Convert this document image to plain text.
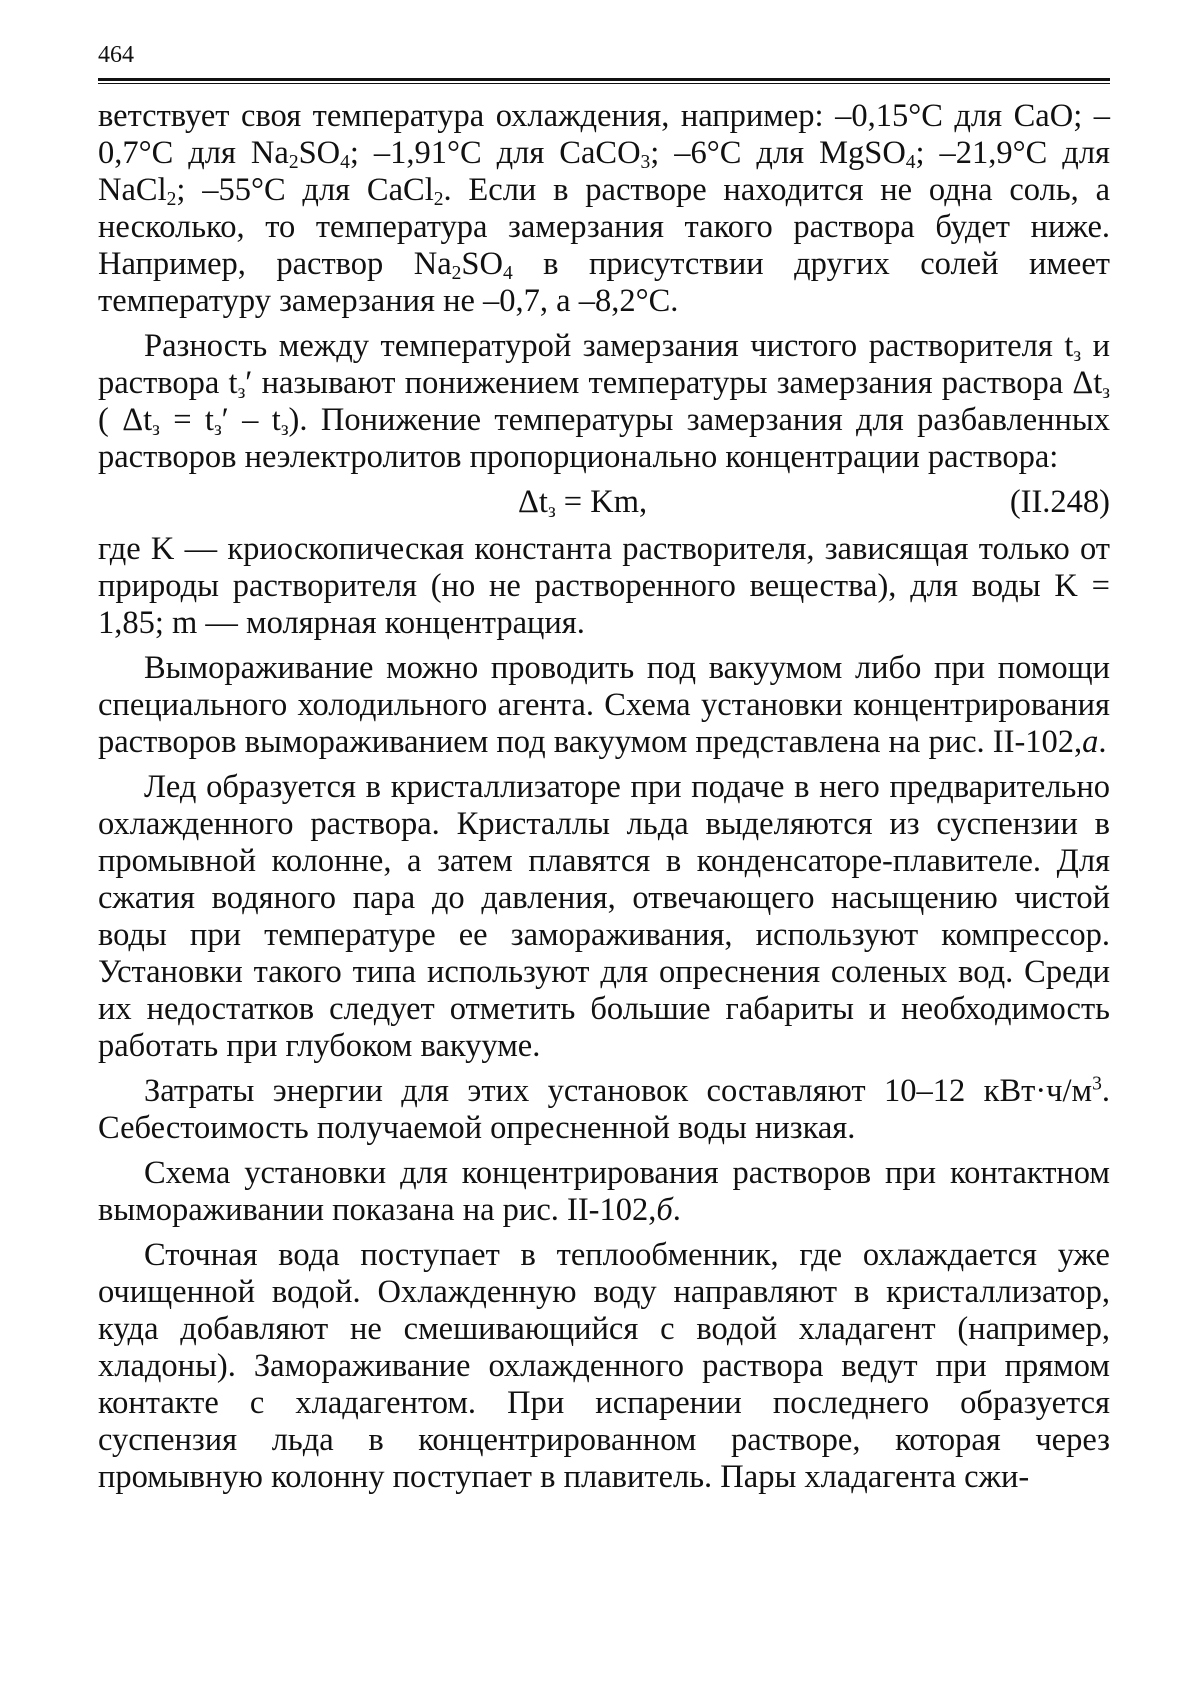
464

ветствует своя температура охлаждения, например: –0,15°С для CaO; –0,7°С для $Na_2SO_4$; –1,91°С для CaCO$_3$; –6°С для MgSO$_4$; –21,9°С для NaCl$_2$; –55°С для CaCl$_2$. Если в растворе находится не одна соль, а несколько, то температура замерзания такого раствора будет ниже. Например, раствор $Na_2SO_4$ в присутствии других солей имеет температуру замерзания не –0,7, а –8,2°С.

Разность между температурой замерзания чистого растворителя $t_з$ и раствора $t_з'$ называют понижением температуры замерзания раствора $\Delta t_з$ ( $\Delta t_з = t_з' - t_з$). Понижение температуры замерзания для разбавленных растворов неэлектролитов пропорционально концентрации раствора:

$\Delta t_з = Km$,	(II.248)

где K — криоскопическая константа растворителя, зависящая только от природы растворителя (но не растворенного вещества), для воды K = 1,85; m — молярная концентрация.

Вымораживание можно проводить под вакуумом либо при помощи специального холодильного агента. Схема установки концентрирования растворов вымораживанием под вакуумом представлена на рис. II-102,а.

Лед образуется в кристаллизаторе при подаче в него предварительно охлажденного раствора. Кристаллы льда выделяются из суспензии в промывной колонне, а затем плавятся в конденсаторе-плавителе. Для сжатия водяного пара до давления, отвечающего насыщению чистой воды при температуре ее замораживания, используют компрессор. Установки такого типа используют для опреснения соленых вод. Среди их недостатков следует отметить большие габариты и необходимость работать при глубоком вакууме.

Затраты энергии для этих установок составляют 10–12 $кВт\cdot ч/м^3$. Себестоимость получаемой опресненной воды низкая.

Схема установки для концентрирования растворов при контактном вымораживании показана на рис. II-102,б.

Сточная вода поступает в теплообменник, где охлаждается уже очищенной водой. Охлажденную воду направляют в кристаллизатор, куда добавляют не смешивающийся с водой хладагент (например, хладоны). Замораживание охлажденного раствора ведут при прямом контакте с хладагентом. При испарении последнего образуется суспензия льда в концентрированном растворе, которая через промывную колонну поступает в плавитель. Пары хладагента сжи-
